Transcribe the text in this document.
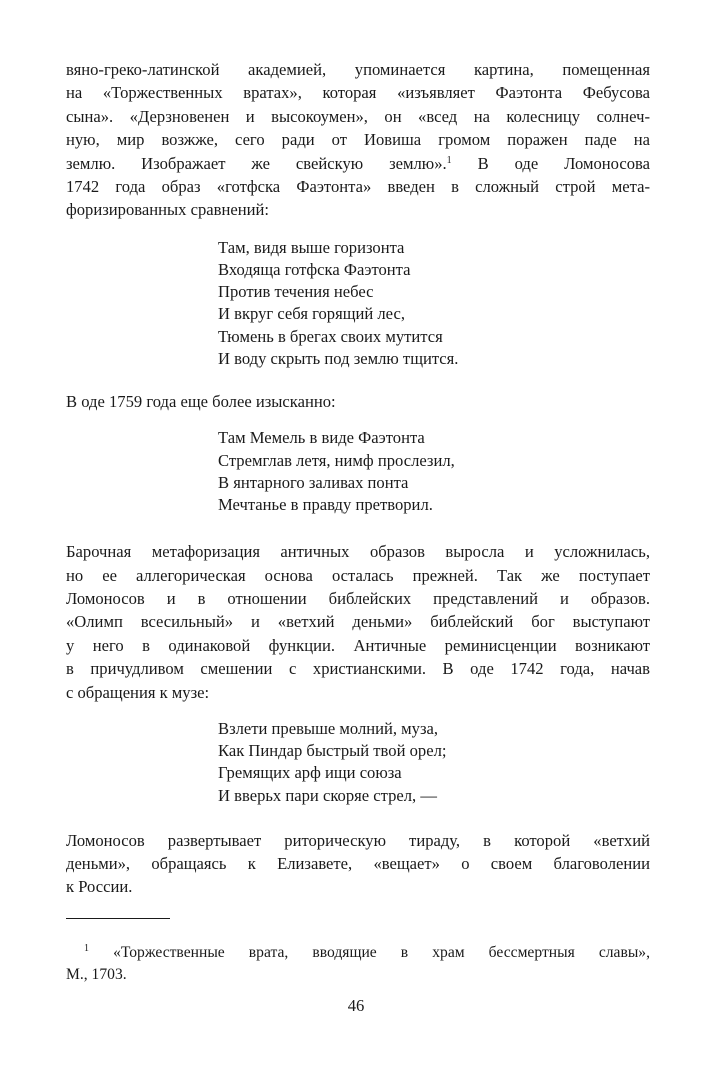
вяно-греко-латинской академией, упоминается картина, помещенная
на «Торжественных вратах», которая «изъявляет Фаэтонта Фебусова
сына». «Дерзновенен и высокоумен», он «всед на колесницу солнеч-
ную, мир возжже, сего ради от Иовиша громом поражен паде на
землю. Изображает же свейскую землю».$^1$ В оде Ломоносова
1742 года образ «готфска Фаэтонта» введен в сложный строй мета-
форизированных сравнений:

Там, видя выше горизонта
Входяща готфска Фаэтонта
Против течения небес
И вкруг себя горящий лес,
Тюмень в брегах своих мутится
И воду скрыть под землю тщится.

В оде 1759 года еще более изысканно:

Там Мемель в виде Фаэтонта
Стремглав летя, нимф прослезил,
В янтарного заливах понта
Мечтанье в правду претворил.

Барочная метафоризация античных образов выросла и усложнилась,
но ее аллегорическая основа осталась прежней. Так же поступает
Ломоносов и в отношении библейских представлений и образов.
«Олимп всесильный» и «ветхий деньми» библейский бог выступают
у него в одинаковой функции. Античные реминисценции возникают
в причудливом смешении с христианскими. В оде 1742 года, начав
с обращения к музе:

Взлети превыше молний, муза,
Как Пиндар быстрый твой орел;
Гремящих арф ищи союза
И вверьх пари скоряе стрел, —

Ломоносов развертывает риторическую тираду, в которой «ветхий
деньми», обращаясь к Елизавете, «вещает» о своем благоволении
к России.

$^1$ «Торжественные врата, вводящие в храм бессмертныя славы»,
М., 1703.
46
